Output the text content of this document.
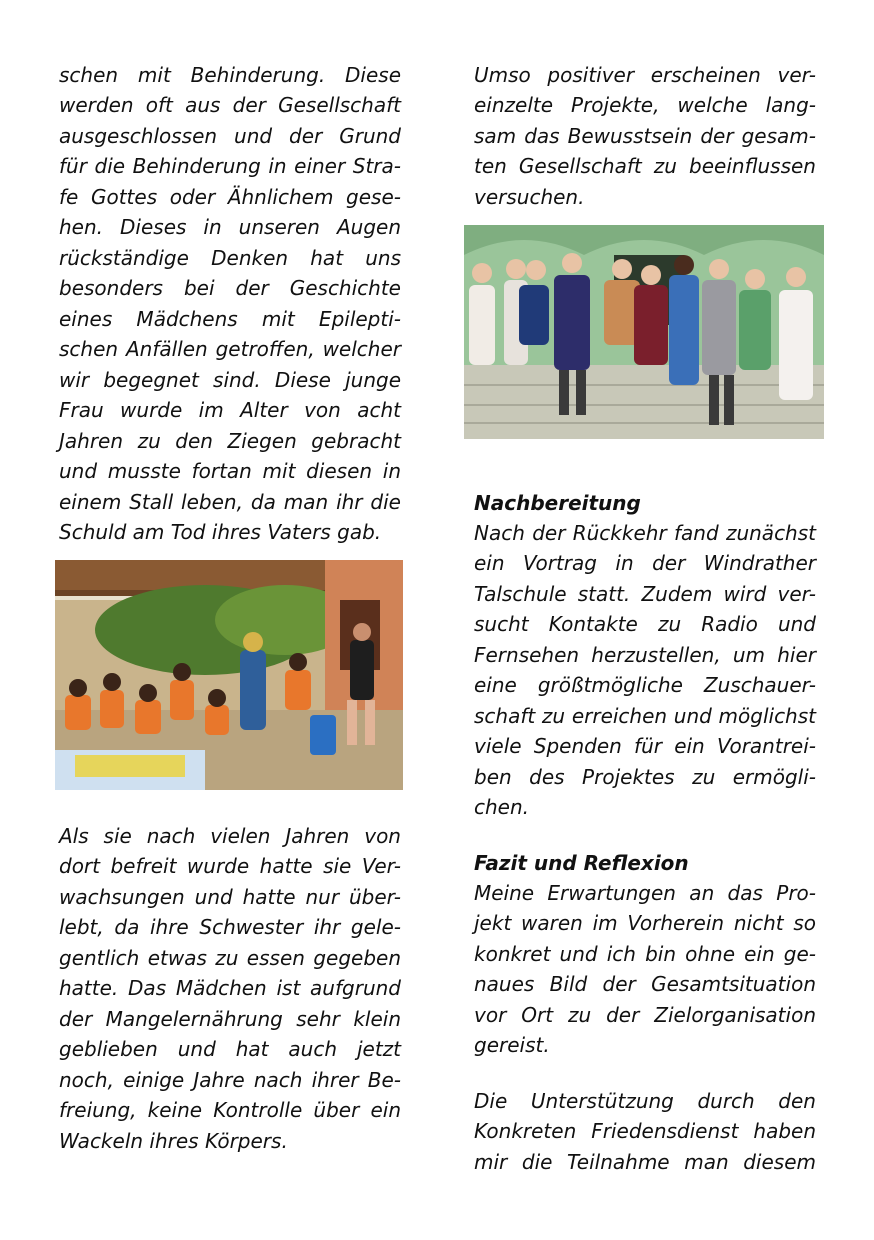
schen mit Behinderung. Diese
werden oft aus der Gesellschaft
ausgeschlossen und der Grund
für die Behinderung in einer Stra-
fe Gottes oder Ähnlichem gese-
hen. Dieses in unseren Augen
rückständige Denken hat uns
besonders bei der Geschichte
eines Mädchens mit Epilepti-
schen Anfällen getroffen, welcher
wir begegnet sind. Diese junge
Frau wurde im Alter von acht
Jahren zu den Ziegen gebracht
und musste fortan mit diesen in
einem Stall leben, da man ihr die
Schuld am Tod ihres Vaters gab.
Als sie nach vielen Jahren von
dort befreit wurde hatte sie Ver-
wachsungen und hatte nur über-
lebt, da ihre Schwester ihr gele-
gentlich etwas zu essen gegeben
hatte. Das Mädchen ist aufgrund
der Mangelernährung sehr klein
geblieben und hat auch jetzt
noch, einige Jahre nach ihrer Be-
freiung, keine Kontrolle über ein
Wackeln ihres Körpers.
Umso positiver erscheinen ver-
einzelte Projekte, welche lang-
sam das Bewusstsein der gesam-
ten Gesellschaft zu beeinflussen
versuchen.
Nachbereitung
Nach der Rückkehr fand zunächst
ein Vortrag in der Windrather
Talschule statt. Zudem wird ver-
sucht Kontakte zu Radio und
Fernsehen herzustellen, um hier
eine größtmögliche Zuschauer-
schaft zu erreichen und möglichst
viele Spenden für ein Vorantrei-
ben des Projektes zu ermögli-
chen.
Fazit und Reflexion
Meine Erwartungen an das Pro-
jekt waren im Vorherein nicht so
konkret und ich bin ohne ein ge-
naues Bild der Gesamtsituation
vor Ort zu der Zielorganisation
gereist.
Die Unterstützung durch den
Konkreten Friedensdienst haben
mir die Teilnahme man diesem
